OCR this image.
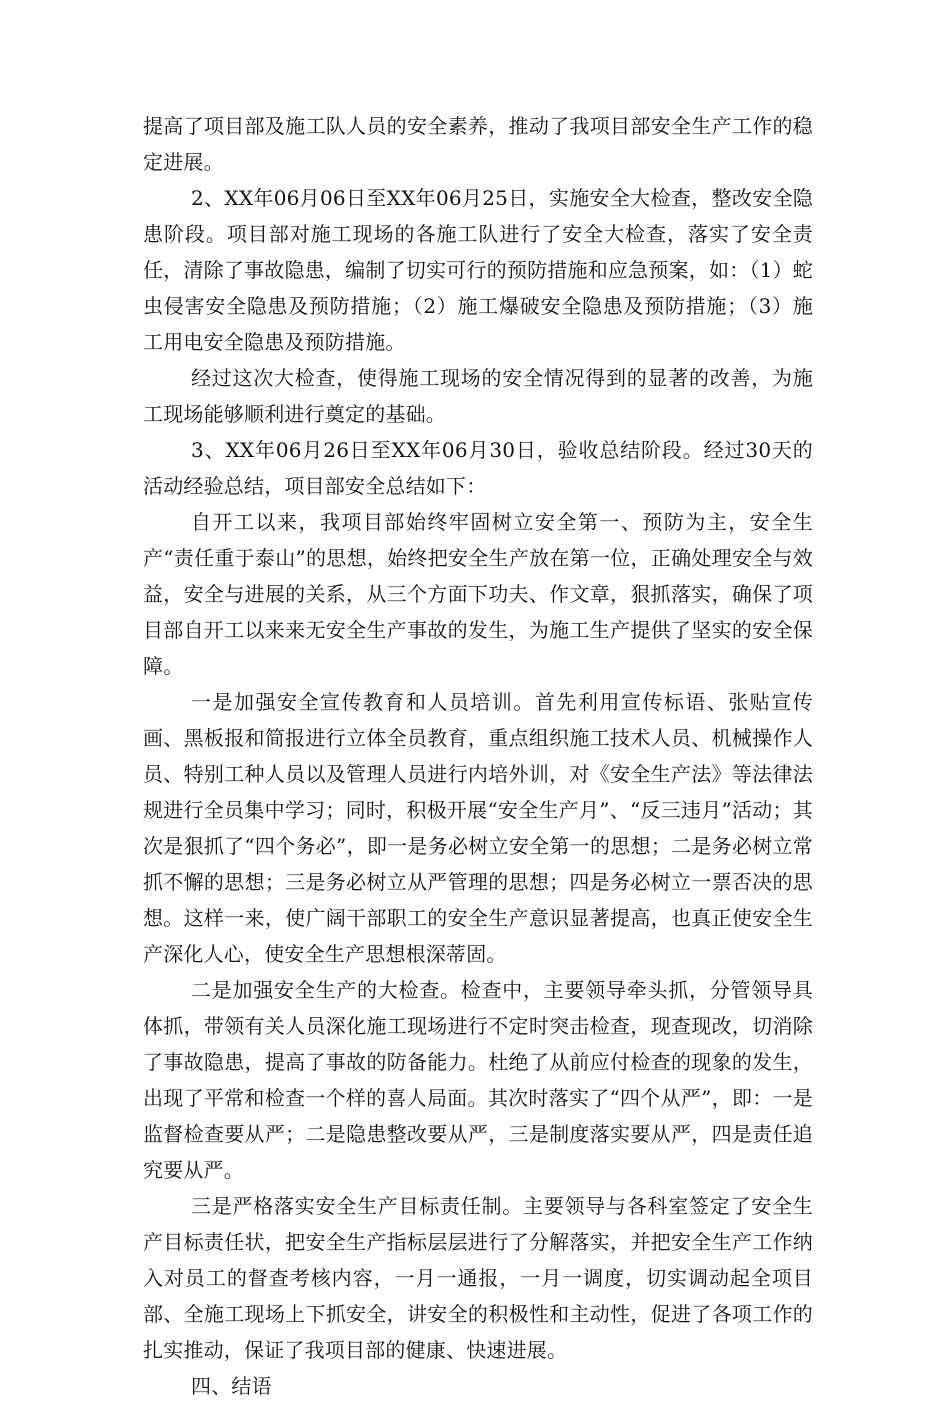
提高了项目部及施工队人员的安全素养，推动了我项目部安全生产工作的稳定进展。

2、XX年06月06日至XX年06月25日，实施安全大检查，整改安全隐患阶段。项目部对施工现场的各施工队进行了安全大检查，落实了安全责任，清除了事故隐患，编制了切实可行的预防措施和应急预案，如：（1）蛇虫侵害安全隐患及预防措施；（2）施工爆破安全隐患及预防措施；（3）施工用电安全隐患及预防措施。

经过这次大检查，使得施工现场的安全情况得到的显著的改善，为施工现场能够顺利进行奠定的基础。

3、XX年06月26日至XX年06月30日，验收总结阶段。经过30天的活动经验总结，项目部安全总结如下：

自开工以来，我项目部始终牢固树立安全第一、预防为主，安全生产“责任重于泰山”的思想，始终把安全生产放在第一位，正确处理安全与效益，安全与进展的关系，从三个方面下功夫、作文章，狠抓落实，确保了项目部自开工以来来无安全生产事故的发生，为施工生产提供了坚实的安全保障。

一是加强安全宣传教育和人员培训。首先利用宣传标语、张贴宣传画、黑板报和简报进行立体全员教育，重点组织施工技术人员、机械操作人员、特别工种人员以及管理人员进行内培外训，对《安全生产法》等法律法规进行全员集中学习；同时，积极开展“安全生产月”、“反三违月”活动；其次是狠抓了“四个务必”，即一是务必树立安全第一的思想；二是务必树立常抓不懈的思想；三是务必树立从严管理的思想；四是务必树立一票否决的思想。这样一来，使广阔干部职工的安全生产意识显著提高，也真正使安全生产深化人心，使安全生产思想根深蒂固。

二是加强安全生产的大检查。检查中，主要领导牵头抓，分管领导具体抓，带领有关人员深化施工现场进行不定时突击检查，现查现改，切消除了事故隐患，提高了事故的防备能力。杜绝了从前应付检查的现象的发生，出现了平常和检查一个样的喜人局面。其次时落实了“四个从严”，即：一是监督检查要从严；二是隐患整改要从严，三是制度落实要从严，四是责任追究要从严。

三是严格落实安全生产目标责任制。主要领导与各科室签定了安全生产目标责任状，把安全生产指标层层进行了分解落实，并把安全生产工作纳入对员工的督查考核内容，一月一通报，一月一调度，切实调动起全项目部、全施工现场上下抓安全，讲安全的积极性和主动性，促进了各项工作的扎实推动，保证了我项目部的健康、快速进展。

四、结语
